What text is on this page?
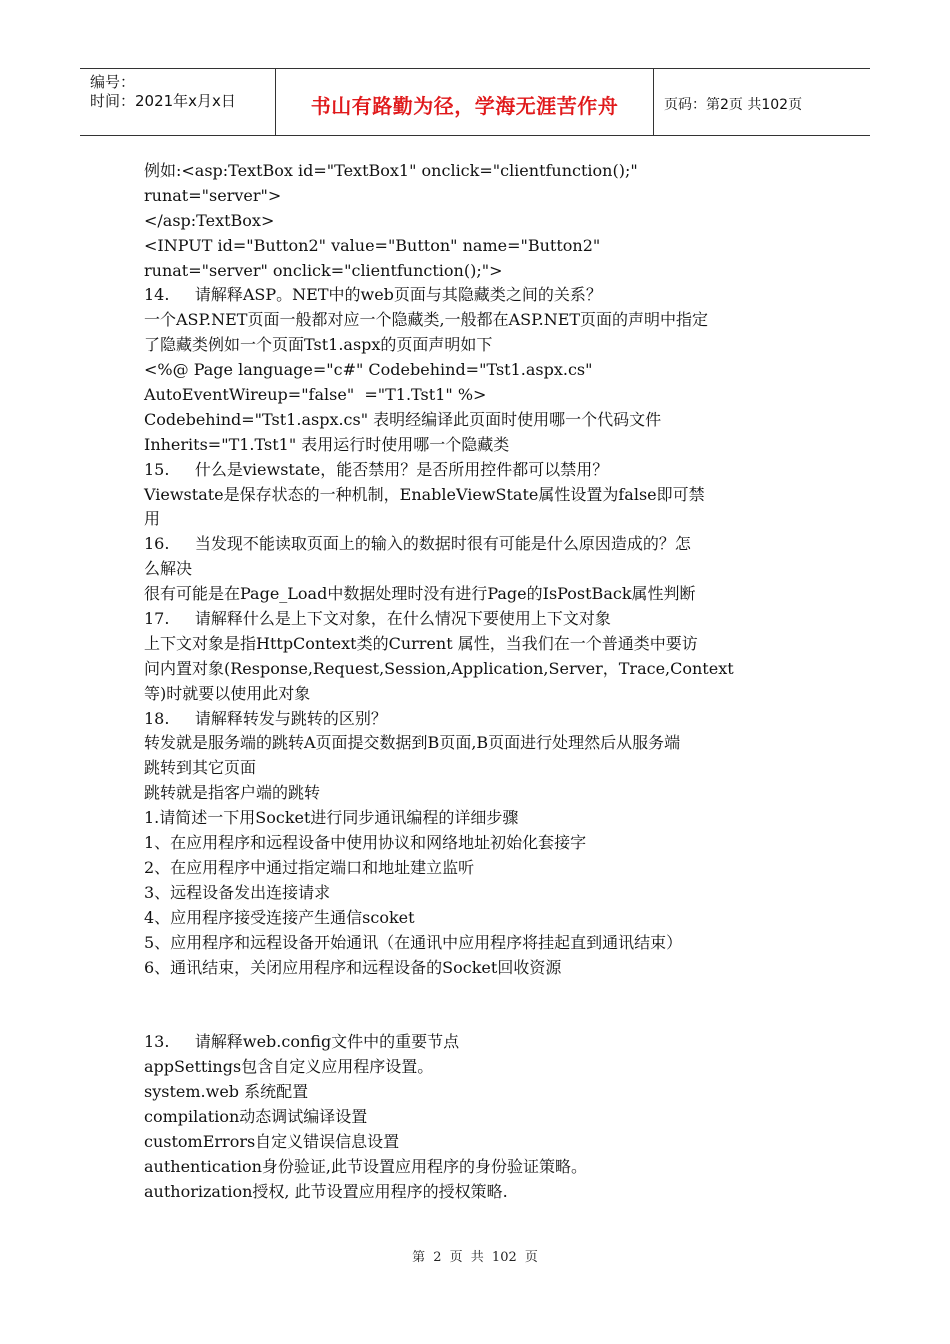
编号：
时间：2021年x月x日	书山有路勤为径，学海无涯苦作舟	页码：第2页 共102页
例如:<asp:TextBox id="TextBox1" onclick="clientfunction();"
runat="server">
</asp:TextBox>
<INPUT id="Button2" value="Button" name="Button2"
runat="server" onclick="clientfunction();">
14.     请解释ASP。NET中的web页面与其隐藏类之间的关系？
一个ASP.NET页面一般都对应一个隐藏类,一般都在ASP.NET页面的声明中指定
了隐藏类例如一个页面Tst1.aspx的页面声明如下
<%@ Page language="c#" Codebehind="Tst1.aspx.cs"
AutoEventWireup="false"  ="T1.Tst1" %>
Codebehind="Tst1.aspx.cs" 表明经编译此页面时使用哪一个代码文件
Inherits="T1.Tst1" 表用运行时使用哪一个隐藏类
15.     什么是viewstate，能否禁用？是否所用控件都可以禁用？
Viewstate是保存状态的一种机制，EnableViewState属性设置为false即可禁
用
16.     当发现不能读取页面上的输入的数据时很有可能是什么原因造成的？怎
么解决
很有可能是在Page_Load中数据处理时没有进行Page的IsPostBack属性判断
17.     请解释什么是上下文对象，在什么情况下要使用上下文对象
上下文对象是指HttpContext类的Current 属性，当我们在一个普通类中要访
问内置对象(Response,Request,Session,Application,Server，Trace,Context
等)时就要以使用此对象
18.     请解释转发与跳转的区别？
转发就是服务端的跳转A页面提交数据到B页面,B页面进行处理然后从服务端
跳转到其它页面
跳转就是指客户端的跳转
1.请简述一下用Socket进行同步通讯编程的详细步骤
1、在应用程序和远程设备中使用协议和网络地址初始化套接字
2、在应用程序中通过指定端口和地址建立监听
3、远程设备发出连接请求
4、应用程序接受连接产生通信scoket
5、应用程序和远程设备开始通讯（在通讯中应用程序将挂起直到通讯结束）
6、通讯结束，关闭应用程序和远程设备的Socket回收资源
13.     请解释web.config文件中的重要节点
appSettings包含自定义应用程序设置。
system.web 系统配置
compilation动态调试编译设置
customErrors自定义错误信息设置
authentication身份验证,此节设置应用程序的身份验证策略。
authorization授权, 此节设置应用程序的授权策略.
第 2 页 共 102 页
